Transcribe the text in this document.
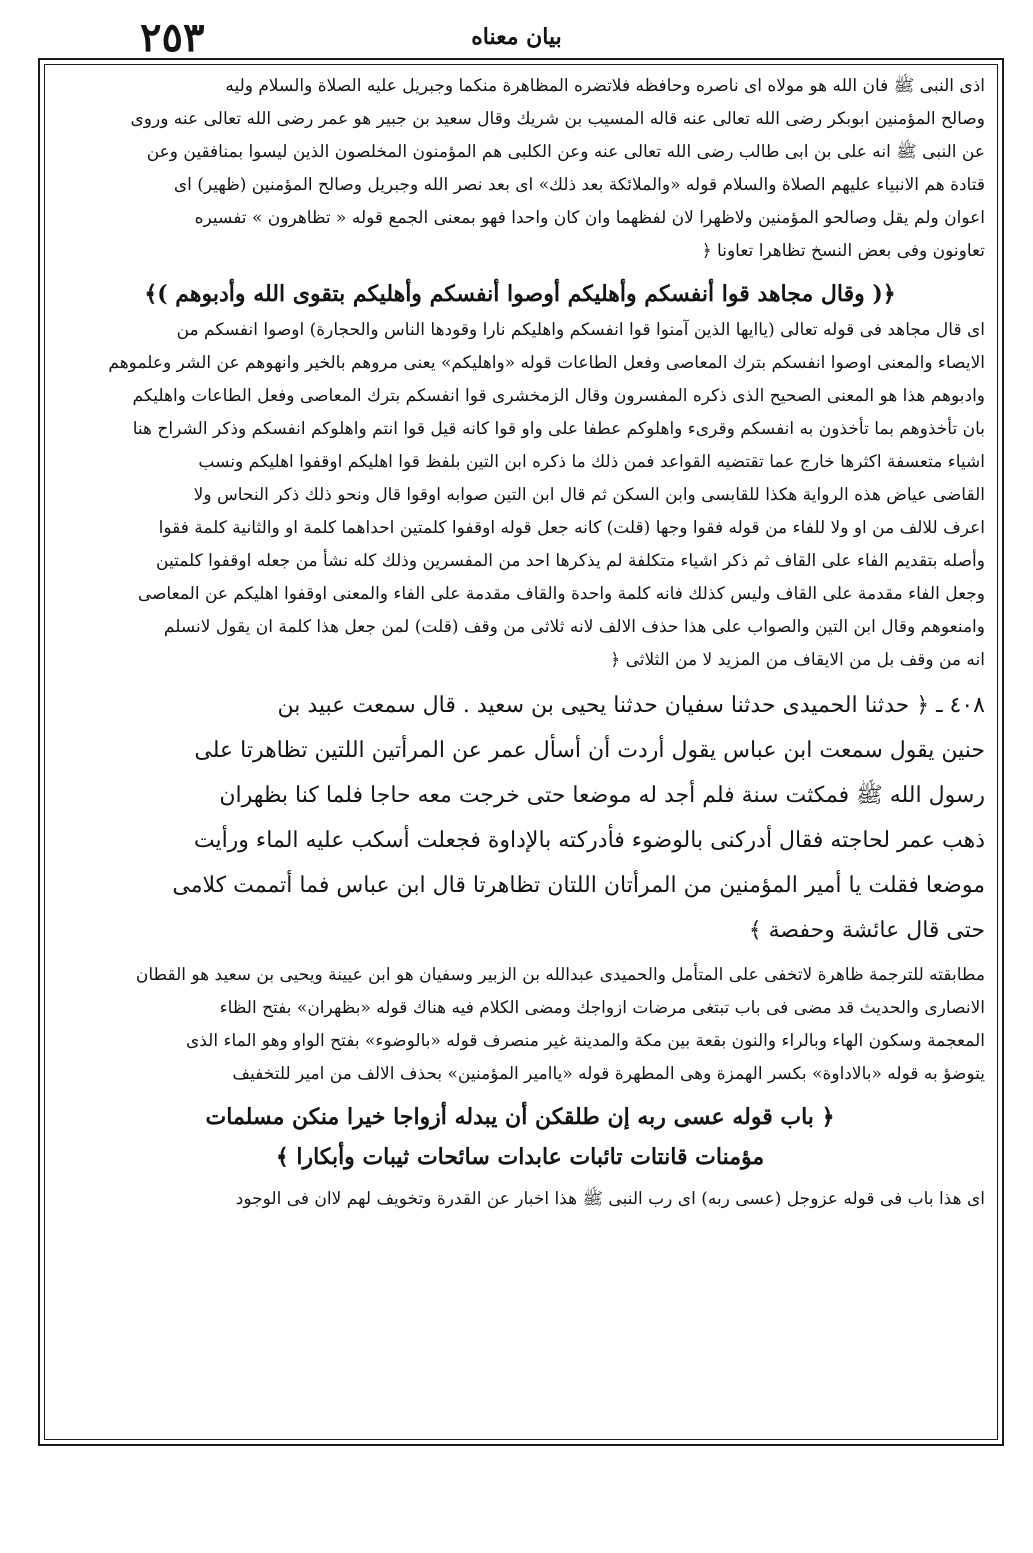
٢٥٣	بيان معناه
اذى النبى ﷺ فان الله هو مولاه اى ناصره وحافظه فلاتضره المظاهرة منكما وجبريل عليه الصلاة والسلام وليه
وصالح المؤمنين ابوبكر رضى الله تعالى عنه قاله المسيب بن شريك وقال سعيد بن جبير هو عمر رضى الله تعالى عنه وروى
عن النبى ﷺ انه على بن ابى طالب رضى الله تعالى عنه وعن الكلبى هم المؤمنون المخلصون الذين ليسوا بمنافقين وعن
قتادة هم الانبياء عليهم الصلاة والسلام قوله «والملائكة بعد ذلك» اى بعد نصر الله وجبريل وصالح المؤمنين (ظهير) اى
اعوان ولم يقل وصالحو المؤمنين ولاظهرا لان لفظهما وان كان واحدا فهو بمعنى الجمع قوله « تظاهرون » تفسيره
تعاونون وفى بعض النسخ تظاهرا تعاونا ﴿
﴿( وقال مجاهد قوا أنفسكم وأهليكم أوصوا أنفسكم وأهليكم بتقوى الله وأدبوهم )﴾
اى قال مجاهد فى قوله تعالى (ياايها الذين آمنوا قوا انفسكم واهليكم نارا وقودها الناس والحجارة) اوصوا انفسكم من
الايصاء والمعنى اوصوا انفسكم بترك المعاصى وفعل الطاعات قوله «واهليكم» يعنى مروهم بالخير وانهوهم عن الشر وعلموهم
وادبوهم هذا هو المعنى الصحيح الذى ذكره المفسرون وقال الزمخشرى قوا انفسكم بترك المعاصى وفعل الطاعات واهليكم
بان تأخذوهم بما تأخذون به انفسكم وقرىء واهلوكم عطفا على واو قوا كانه قيل قوا انتم واهلوكم انفسكم وذكر الشراح هنا
اشياء متعسفة اكثرها خارج عما تقتضيه القواعد فمن ذلك ما ذكره ابن التين بلفظ قوا اهليكم اوقفوا اهليكم ونسب
القاضى عياض هذه الرواية هكذا للقابسى وابن السكن ثم قال ابن التين صوابه اوقوا قال ونحو ذلك ذكر النحاس ولا
اعرف للالف من او ولا للفاء من قوله فقوا وجها (قلت) كانه جعل قوله اوقفوا كلمتين احداهما كلمة او والثانية كلمة فقوا
وأصله بتقديم الفاء على القاف ثم ذكر اشياء متكلفة لم يذكرها احد من المفسرين وذلك كله نشأ من جعله اوقفوا كلمتين
وجعل الفاء مقدمة على القاف وليس كذلك فانه كلمة واحدة والقاف مقدمة على الفاء والمعنى اوقفوا اهليكم عن المعاصى
وامنعوهم وقال ابن التين والصواب على هذا حذف الالف لانه ثلاثى من وقف (قلت) لمن جعل هذا كلمة ان يقول لانسلم
انه من وقف بل من الايقاف من المزيد لا من الثلاثى ﴿
٤٠٨ ـ ﴿ حدثنا الحميدى حدثنا سفيان حدثنا يحيى بن سعيد . قال سمعت عبيد بن
حنين يقول سمعت ابن عباس يقول أردت أن أسأل عمر عن المرأتين اللتين تظاهرتا على
رسول الله ﷺ فمكثت سنة فلم أجد له موضعا حتى خرجت معه حاجا فلما كنا بظهران
ذهب عمر لحاجته فقال أدركنى بالوضوء فأدركته بالإداوة فجعلت أسكب عليه الماء ورأيت
موضعا فقلت يا أمير المؤمنين من المرأتان اللتان تظاهرتا قال ابن عباس فما أتممت كلامى
حتى قال عائشة وحفصة ﴾
مطابقته للترجمة ظاهرة لاتخفى على المتأمل والحميدى عبدالله بن الزبير وسفيان هو ابن عيينة ويحيى بن سعيد هو القطان
الانصارى والحديث قد مضى فى باب تبتغى مرضات ازواجك ومضى الكلام فيه هناك قوله «بظهران» بفتح الظاء
المعجمة وسكون الهاء وبالراء والنون بقعة بين مكة والمدينة غير منصرف قوله «بالوضوء» بفتح الواو وهو الماء الذى
يتوضؤ به قوله «بالاداوة» بكسر الهمزة وهى المطهرة قوله «ياامير المؤمنين» بحذف الالف من امير للتخفيف
﴿ باب قوله عسى ربه إن طلقكن أن يبدله أزواجا خيرا منكن مسلمات
مؤمنات قانتات تائبات عابدات سائحات ثيبات وأبكارا ﴾
اى هذا باب فى قوله عزوجل (عسى ربه) اى رب النبى ﷺ هذا اخبار عن القدرة وتخويف لهم لاان فى الوجود
